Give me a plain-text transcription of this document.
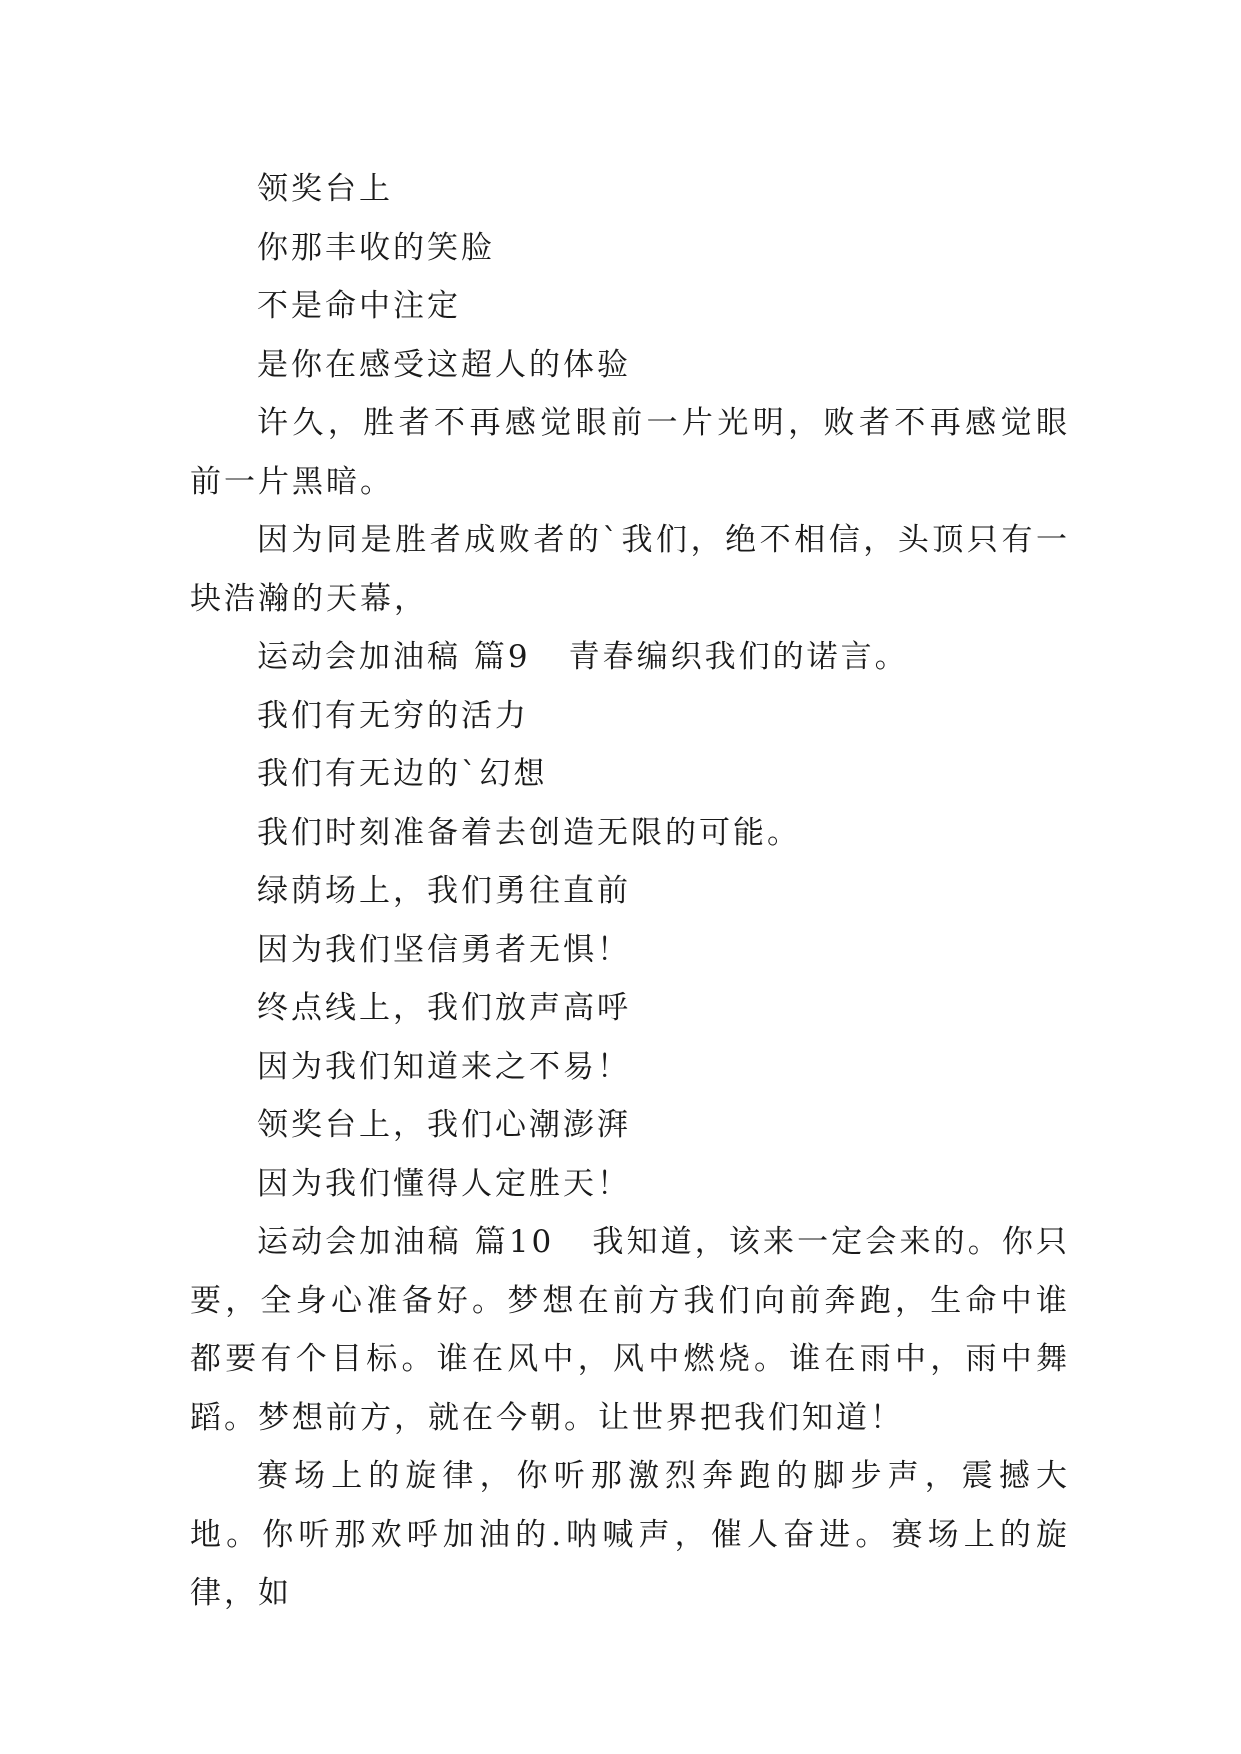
领奖台上

你那丰收的笑脸

不是命中注定

是你在感受这超人的体验

许久，胜者不再感觉眼前一片光明，败者不再感觉眼前一片黑暗。

因为同是胜者成败者的`我们，绝不相信，头顶只有一块浩瀚的天幕，

运动会加油稿 篇9 青春编织我们的诺言。

我们有无穷的活力

我们有无边的`幻想

我们时刻准备着去创造无限的可能。

绿荫场上，我们勇往直前

因为我们坚信勇者无惧！

终点线上，我们放声高呼

因为我们知道来之不易！

领奖台上，我们心潮澎湃

因为我们懂得人定胜天！

运动会加油稿 篇10 我知道，该来一定会来的。你只要，全身心准备好。梦想在前方我们向前奔跑，生命中谁都要有个目标。谁在风中，风中燃烧。谁在雨中，雨中舞蹈。梦想前方，就在今朝。让世界把我们知道！

赛场上的旋律，你听那激烈奔跑的脚步声，震撼大地。你听那欢呼加油的.呐喊声，催人奋进。赛场上的旋律，如
